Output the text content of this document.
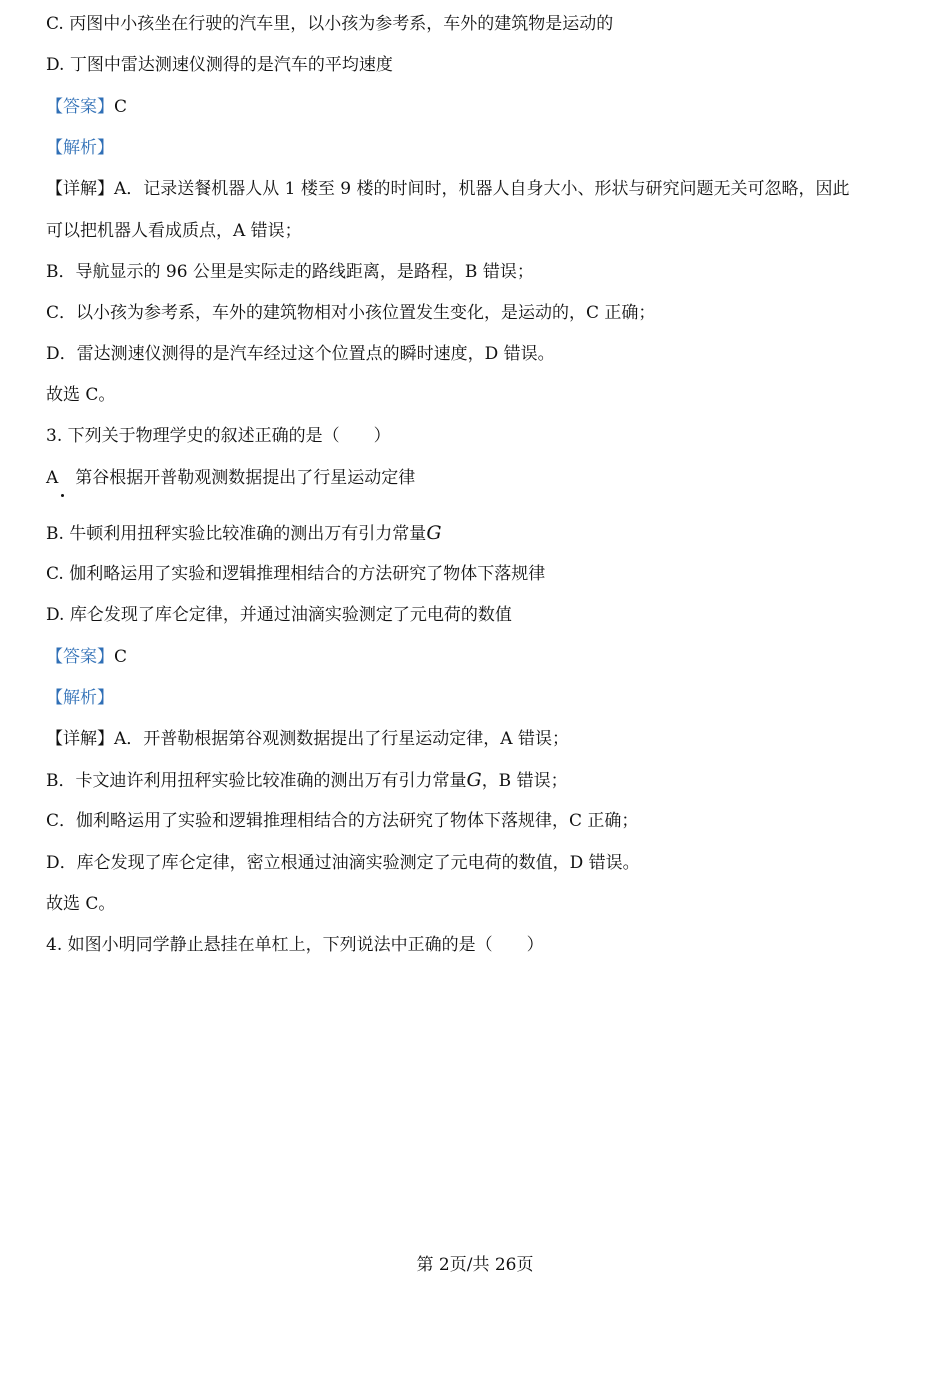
C. 丙图中小孩坐在行驶的汽车里，以小孩为参考系，车外的建筑物是运动的
D. 丁图中雷达测速仪测得的是汽车的平均速度
【答案】C
【解析】
【详解】A．记录送餐机器人从 1 楼至 9 楼的时间时，机器人自身大小、形状与研究问题无关可忽略，因此
可以把机器人看成质点，A 错误；
B．导航显示的 96 公里是实际走的路线距离，是路程，B 错误；
C．以小孩为参考系，车外的建筑物相对小孩位置发生变化，是运动的，C 正确；
D．雷达测速仪测得的是汽车经过这个位置点的瞬时速度，D 错误。
故选 C。
3. 下列关于物理学史的叙述正确的是（　　）
A 第谷根据开普勒观测数据提出了行星运动定律
B. 牛顿利用扭秤实验比较准确的测出万有引力常量G
C. 伽利略运用了实验和逻辑推理相结合的方法研究了物体下落规律
D. 库仑发现了库仑定律，并通过油滴实验测定了元电荷的数值
【答案】C
【解析】
【详解】A．开普勒根据第谷观测数据提出了行星运动定律，A 错误；
B．卡文迪许利用扭秤实验比较准确的测出万有引力常量G，B 错误；
C．伽利略运用了实验和逻辑推理相结合的方法研究了物体下落规律，C 正确；
D．库仑发现了库仑定律，密立根通过油滴实验测定了元电荷的数值，D 错误。
故选 C。
4. 如图小明同学静止悬挂在单杠上，下列说法中正确的是（　　）
第 2页/共 26页
